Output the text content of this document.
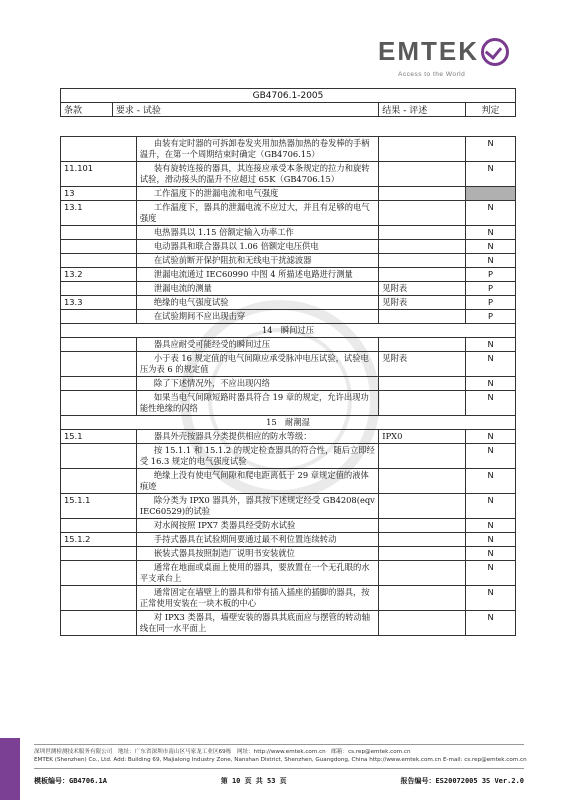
EMTEK
Access to the World
GB4706.1-2005
条款	要求 - 试验	结果 - 评述	判定
	由装有定时器的可拆卸卷发夹用加热器加热的卷发棒的手柄温升，在第一个周期结束时确定（GB4706.15）		N
11.101	装有旋转连接的器具，其连接应承受本条规定的拉力和旋转试验，滑动接头的温升不应超过 65K（GB4706.15）		N
13	工作温度下的泄漏电流和电气强度		
13.1	工作温度下，器具的泄漏电流不应过大，并且有足够的电气强度		N
	电热器具以 1.15 倍额定输入功率工作		N
	电动器具和联合器具以 1.06 倍额定电压供电		N
	在试验前断开保护阻抗和无线电干扰滤波器		N
13.2	泄漏电流通过 IEC60990 中图 4 所描述电路进行测量		P
	泄漏电流的测量	见附表	P
13.3	绝缘的电气强度试验	见附表	P
	在试验期间不应出现击穿		P
14　瞬间过压			
	器具应耐受可能经受的瞬间过压		N
	小于表 16 规定值的电气间隙应承受脉冲电压试验，试验电压为表 6 的规定值	见附表	N
	除了下述情况外，不应出现闪络		N
	如果当电气间隙短路时器具符合 19 章的规定，允许出现功能性绝缘的闪络		N
15　耐潮湿			
15.1	器具外壳按器具分类提供相应的防水等级：	IPX0	N
	按 15.1.1 和 15.1.2 的规定检查器具的符合性，随后立即经受 16.3 规定的电气强度试验		N
	绝缘上没有使电气间隙和爬电距离低于 29 章规定值的液体痕迹		N
15.1.1	除分类为 IPX0 器具外，器具按下述规定经受 GB4208(eqv IEC60529)的试验		N
	对水阀按照 IPX7 类器具经受防水试验		N
15.1.2	手持式器具在试验期间要通过最不利位置连续转动		N
	嵌装式器具按照制造厂说明书安装就位		N
	通常在地面或桌面上使用的器具，要放置在一个无孔眼的水平支承台上		N
	通常固定在墙壁上的器具和带有插入插座的插脚的器具，按正常使用安装在一块木板的中心		N
	对 IPX3 类器具，墙壁安装的器具其底面应与摆管的转动轴线在同一水平面上		N
深圳世测检测技术服务有限公司　地址：广东省深圳市南山区马家龙工业区69栋　网址：http://www.emtek.com.cn　邮箱：cs.rep@emtek.com.cn
EMTEK (Shenzhen) Co., Ltd. Add: Building 69, Majialong Industry Zone, Nanshan District, Shenzhen, Guangdong, China http://www.emtek.com.cn E-mail: cs.rep@emtek.com.cn
模板编号：GB4706.1A	第 10 页 共 53 页	报告编号：ES20072005 3S Ver.2.0
